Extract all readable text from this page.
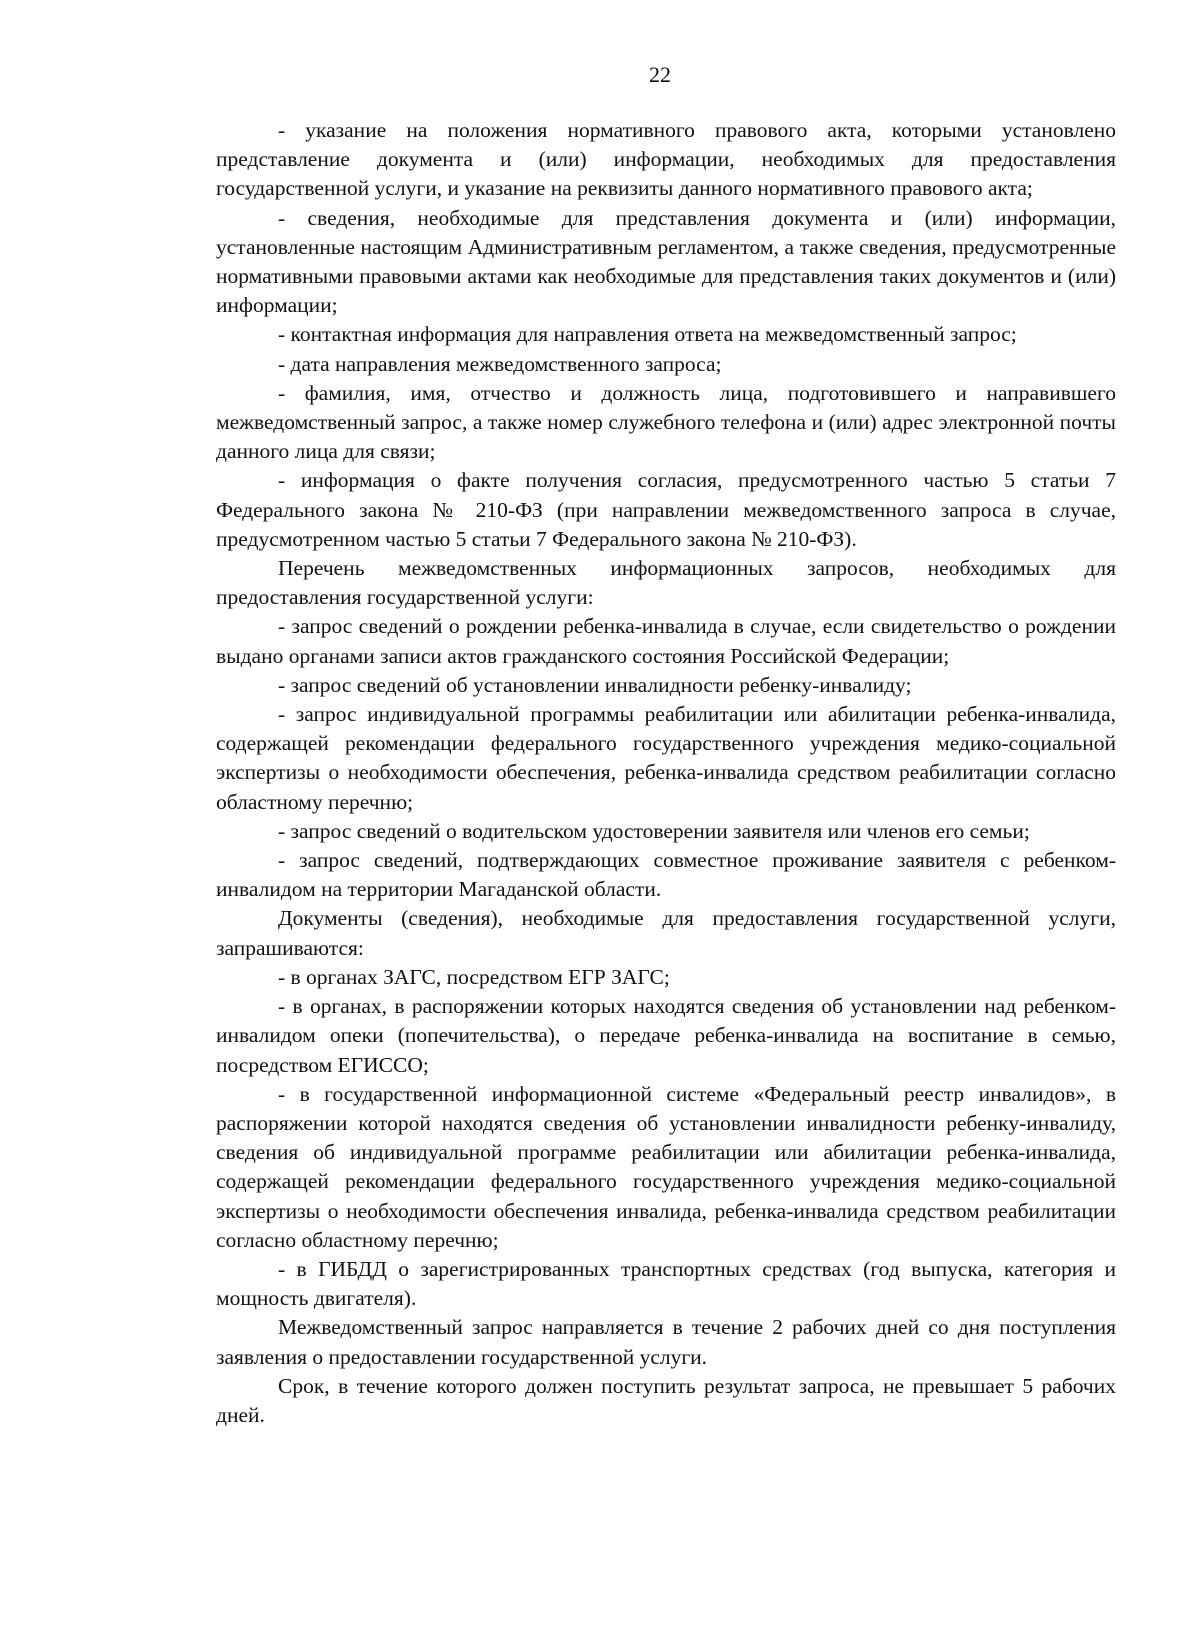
22

- указание на положения нормативного правового акта, которыми установлено представление документа и (или) информации, необходимых для предоставления государственной услуги, и указание на реквизиты данного нормативного правового акта;

- сведения, необходимые для представления документа и (или) информации, установленные настоящим Административным регламентом, а также сведения, предусмотренные нормативными правовыми актами как необходимые для представления таких документов и (или) информации;

- контактная информация для направления ответа на межведомственный запрос;

- дата направления межведомственного запроса;

- фамилия, имя, отчество и должность лица, подготовившего и направившего межведомственный запрос, а также номер служебного телефона и (или) адрес электронной почты данного лица для связи;

- информация о факте получения согласия, предусмотренного частью 5 статьи 7 Федерального закона № 210-ФЗ (при направлении межведомственного запроса в случае, предусмотренном частью 5 статьи 7 Федерального закона № 210-ФЗ).

Перечень межведомственных информационных запросов, необходимых для предоставления государственной услуги:

- запрос сведений о рождении ребенка-инвалида в случае, если свидетельство о рождении выдано органами записи актов гражданского состояния Российской Федерации;

- запрос сведений об установлении инвалидности ребенку-инвалиду;

- запрос индивидуальной программы реабилитации или абилитации ребенка-инвалида, содержащей рекомендации федерального государственного учреждения медико-социальной экспертизы о необходимости обеспечения, ребенка-инвалида средством реабилитации согласно областному перечню;

- запрос сведений о водительском удостоверении заявителя или членов его семьи;

- запрос сведений, подтверждающих совместное проживание заявителя с ребенком-инвалидом на территории Магаданской области.

Документы (сведения), необходимые для предоставления государственной услуги, запрашиваются:

- в органах ЗАГС, посредством ЕГР ЗАГС;

- в органах, в распоряжении которых находятся сведения об установлении над ребенком-инвалидом опеки (попечительства), о передаче ребенка-инвалида на воспитание в семью, посредством ЕГИССО;

- в государственной информационной системе «Федеральный реестр инвалидов», в распоряжении которой находятся сведения об установлении инвалидности ребенку-инвалиду, сведения об индивидуальной программе реабилитации или абилитации ребенка-инвалида, содержащей рекомендации федерального государственного учреждения медико-социальной экспертизы о необходимости обеспечения инвалида, ребенка-инвалида средством реабилитации согласно областному перечню;

- в ГИБДД о зарегистрированных транспортных средствах (год выпуска, категория и мощность двигателя).

Межведомственный запрос направляется в течение 2 рабочих дней со дня поступления заявления о предоставлении государственной услуги.

Срок, в течение которого должен поступить результат запроса, не превышает 5 рабочих дней.
